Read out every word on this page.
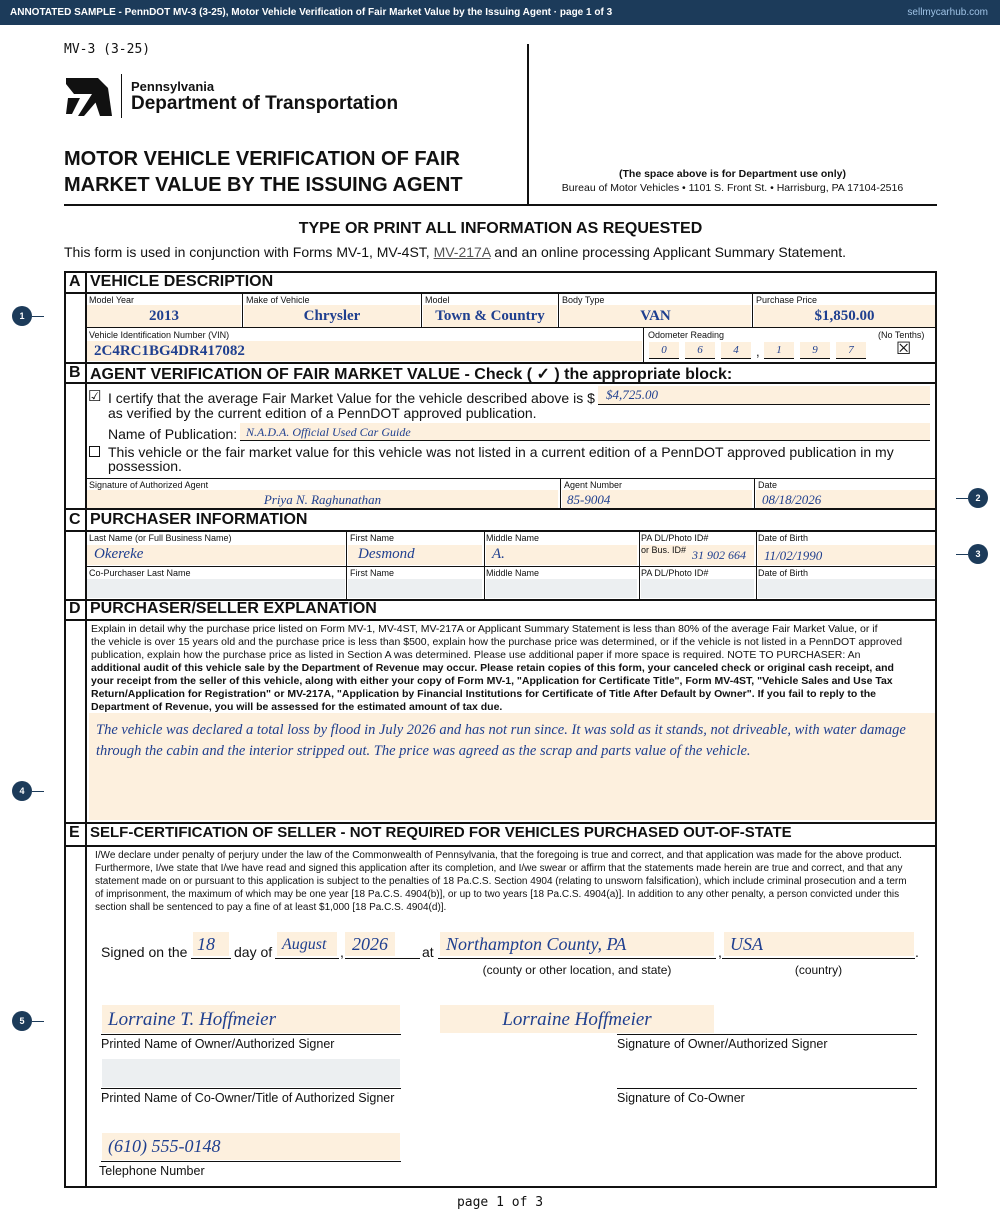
ANNOTATED SAMPLE - PennDOT MV-3 (3-25), Motor Vehicle Verification of Fair Market Value by the Issuing Agent · page 1 of 3	sellmycarhub.com
MV-3 (3-25)
Pennsylvania
Department of Transportation
MOTOR VEHICLE VERIFICATION OF FAIR
MARKET VALUE BY THE ISSUING AGENT	(The space above is for Department use only)
Bureau of Motor Vehicles • 1101 S. Front St. • Harrisburg, PA 17104-2516
TYPE OR PRINT ALL INFORMATION AS REQUESTED
This form is used in conjunction with Forms MV-1, MV-4ST, MV-217A and an online processing Applicant Summary Statement.
1
2
3
4
5
A VEHICLE DESCRIPTION
Model Year	Make of Vehicle	Model	Body Type	Purchase Price
2013	Chrysler	Town & Country	VAN	$1,850.00
Vehicle Identification Number (VIN)
2C4RC1BG4DR417082
Odometer Reading	(No Tenths)
0	6	4	,	1	9	7	☒
B AGENT VERIFICATION OF FAIR MARKET VALUE - Check ( ✓ ) the appropriate block:
☑ I certify that the average Fair Market Value for the vehicle described above is $ $4,725.00
as verified by the current edition of a PennDOT approved publication.
Name of Publication: N.A.D.A. Official Used Car Guide
This vehicle or the fair market value for this vehicle was not listed in a current edition of a PennDOT approved publication in my
possession.
Signature of Authorized Agent	Agent Number	Date
Priya N. Raghunathan	85-9004	08/18/2026
C PURCHASER INFORMATION
Last Name (or Full Business Name)	First Name	Middle Name	PA DL/Photo ID#
or Bus. ID#
Date of Birth
Okereke	Desmond	A.	31 902 664 11/02/1990
Co-Purchaser Last Name	First Name	Middle Name	PA DL/Photo ID#	Date of Birth
D PURCHASER/SELLER EXPLANATION
Explain in detail why the purchase price listed on Form MV-1, MV-4ST, MV-217A or Applicant Summary Statement is less than 80% of the average Fair Market Value, or if
the vehicle is over 15 years old and the purchase price is less than $500, explain how the purchase price was determined, or if the vehicle is not listed in a PennDOT approved
publication, explain how the purchase price as listed in Section A was determined. Please use additional paper if more space is required. NOTE TO PURCHASER: An
additional audit of this vehicle sale by the Department of Revenue may occur. Please retain copies of this form, your canceled check or original cash receipt, and
your receipt from the seller of this vehicle, along with either your copy of Form MV-1, "Application for Certificate Title", Form MV-4ST, "Vehicle Sales and Use Tax
Return/Application for Registration" or MV-217A, "Application by Financial Institutions for Certificate of Title After Default by Owner". If you fail to reply to the
Department of Revenue, you will be assessed for the estimated amount of tax due.
The vehicle was declared a total loss by flood in July 2026 and has not run since. It was sold as it stands, not driveable, with water damage
through the cabin and the interior stripped out. The price was agreed as the scrap and parts value of the vehicle.
E SELF-CERTIFICATION OF SELLER - NOT REQUIRED FOR VEHICLES PURCHASED OUT-OF-STATE
I/We declare under penalty of perjury under the law of the Commonwealth of Pennsylvania, that the foregoing is true and correct, and that application was made for the above product.
Furthermore, I/we state that I/we have read and signed this application after its completion, and I/we swear or affirm that the statements made herein are true and correct, and that any
statement made on or pursuant to this application is subject to the penalties of 18 Pa.C.S. Section 4904 (relating to unsworn falsification), which include criminal prosecution and a term
of imprisonment, the maximum of which may be one year [18 Pa.C.S. 4904(b)], or up to two years [18 Pa.C.S. 4904(a)]. In addition to any other penalty, a person convicted under this
section shall be sentenced to pay a fine of at least $1,000 [18 Pa.C.S. 4904(d)].
Signed on the 18 day of August , 2026 at Northampton County, PA	, USA	.
(county or other location, and state)	(country)
Lorraine T. Hoffmeier
Printed Name of Owner/Authorized Signer
Lorraine Hoffmeier
Signature of Owner/Authorized Signer
Printed Name of Co-Owner/Title of Authorized Signer	Signature of Co-Owner
(610) 555-0148
Telephone Number
page 1 of 3
